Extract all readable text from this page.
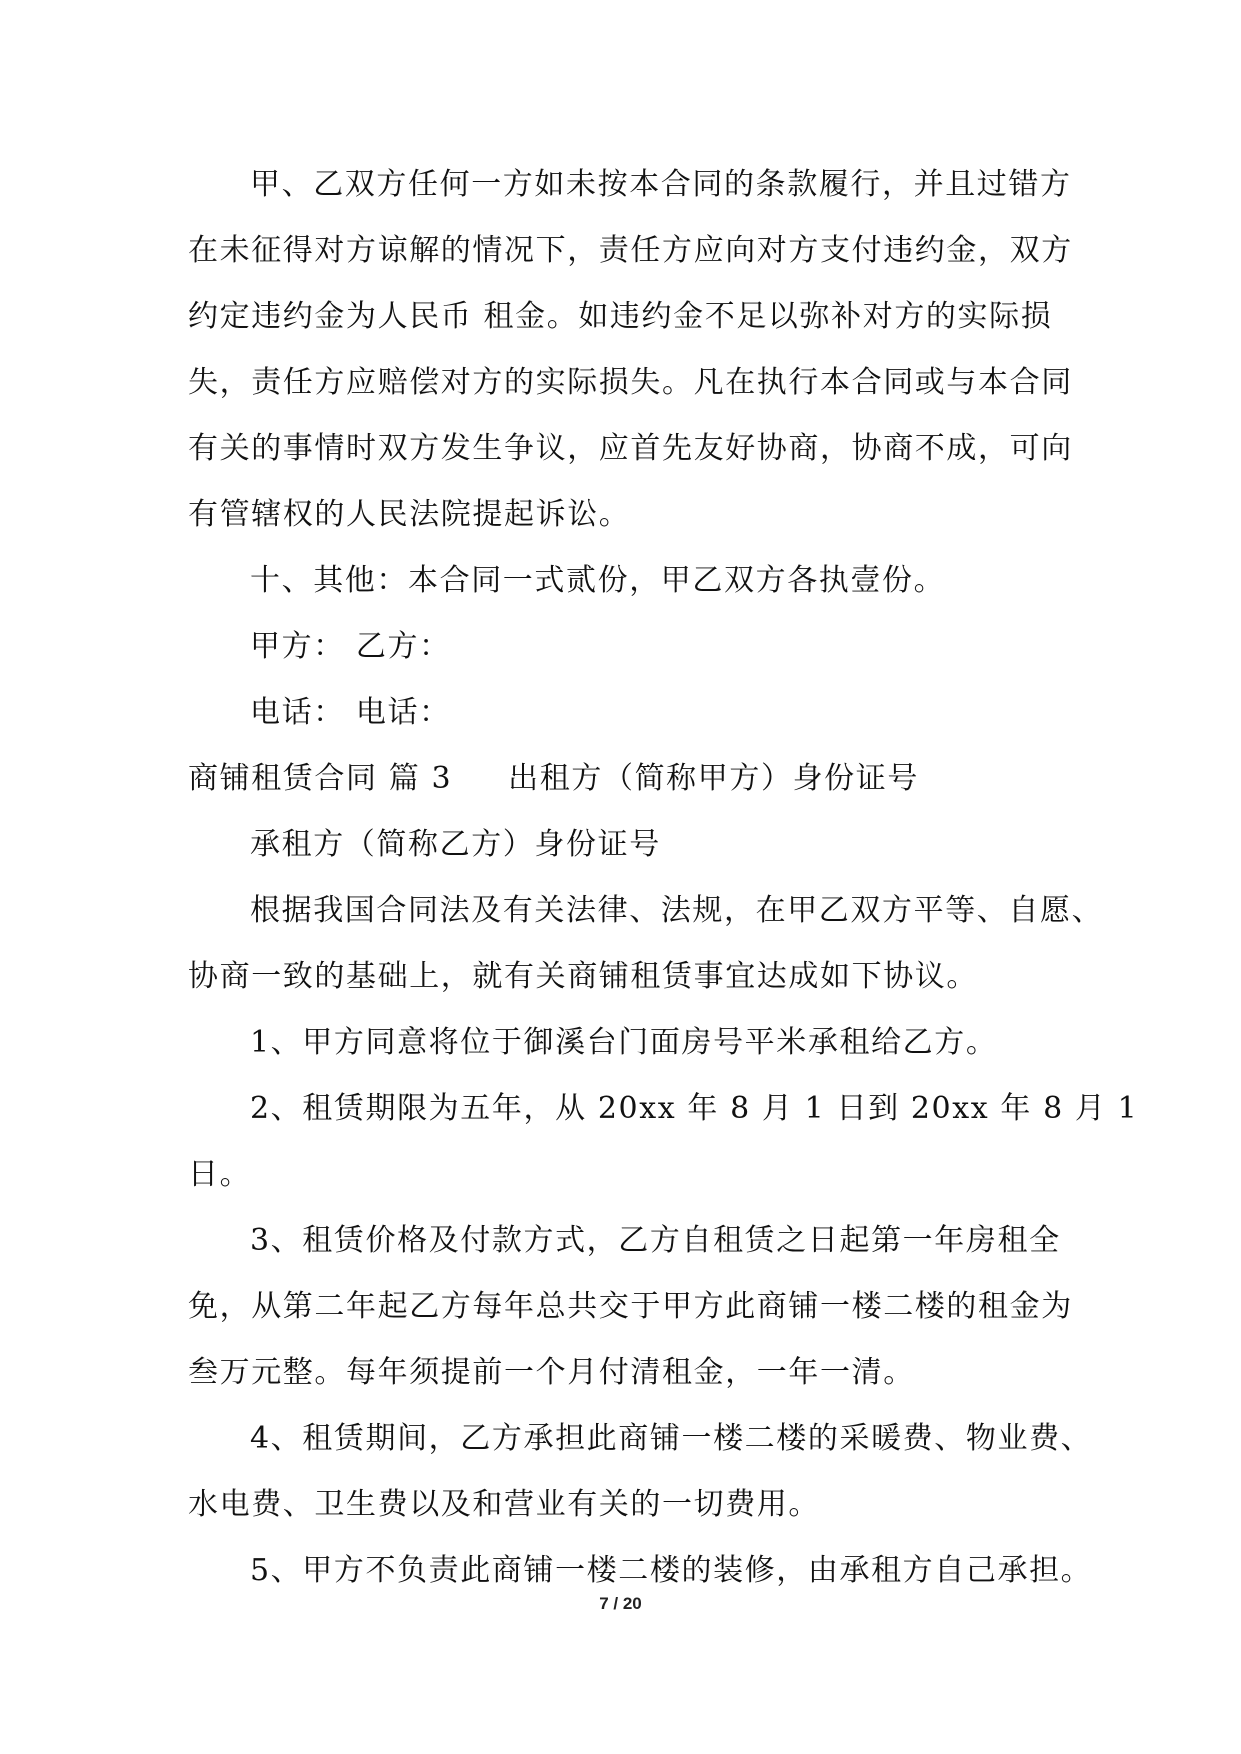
甲、乙双方任何一方如未按本合同的条款履行，并且过错方
在未征得对方谅解的情况下，责任方应向对方支付违约金，双方
约定违约金为人民币 租金。如违约金不足以弥补对方的实际损
失，责任方应赔偿对方的实际损失。凡在执行本合同或与本合同
有关的事情时双方发生争议，应首先友好协商，协商不成，可向
有管辖权的人民法院提起诉讼。
十、其他：本合同一式贰份，甲乙双方各执壹份。
甲方： 乙方：
电话： 电话：
商铺租赁合同 篇 3 出租方（简称甲方）身份证号
承租方（简称乙方）身份证号
根据我国合同法及有关法律、法规，在甲乙双方平等、自愿、
协商一致的基础上，就有关商铺租赁事宜达成如下协议。
1、甲方同意将位于御溪台门面房号平米承租给乙方。
2、租赁期限为五年，从 20xx 年 8 月 1 日到 20xx 年 8 月 1
日。
3、租赁价格及付款方式，乙方自租赁之日起第一年房租全
免，从第二年起乙方每年总共交于甲方此商铺一楼二楼的租金为
叁万元整。每年须提前一个月付清租金，一年一清。
4、租赁期间，乙方承担此商铺一楼二楼的采暖费、物业费、
水电费、卫生费以及和营业有关的一切费用。
5、甲方不负责此商铺一楼二楼的装修，由承租方自己承担。
7 / 20
